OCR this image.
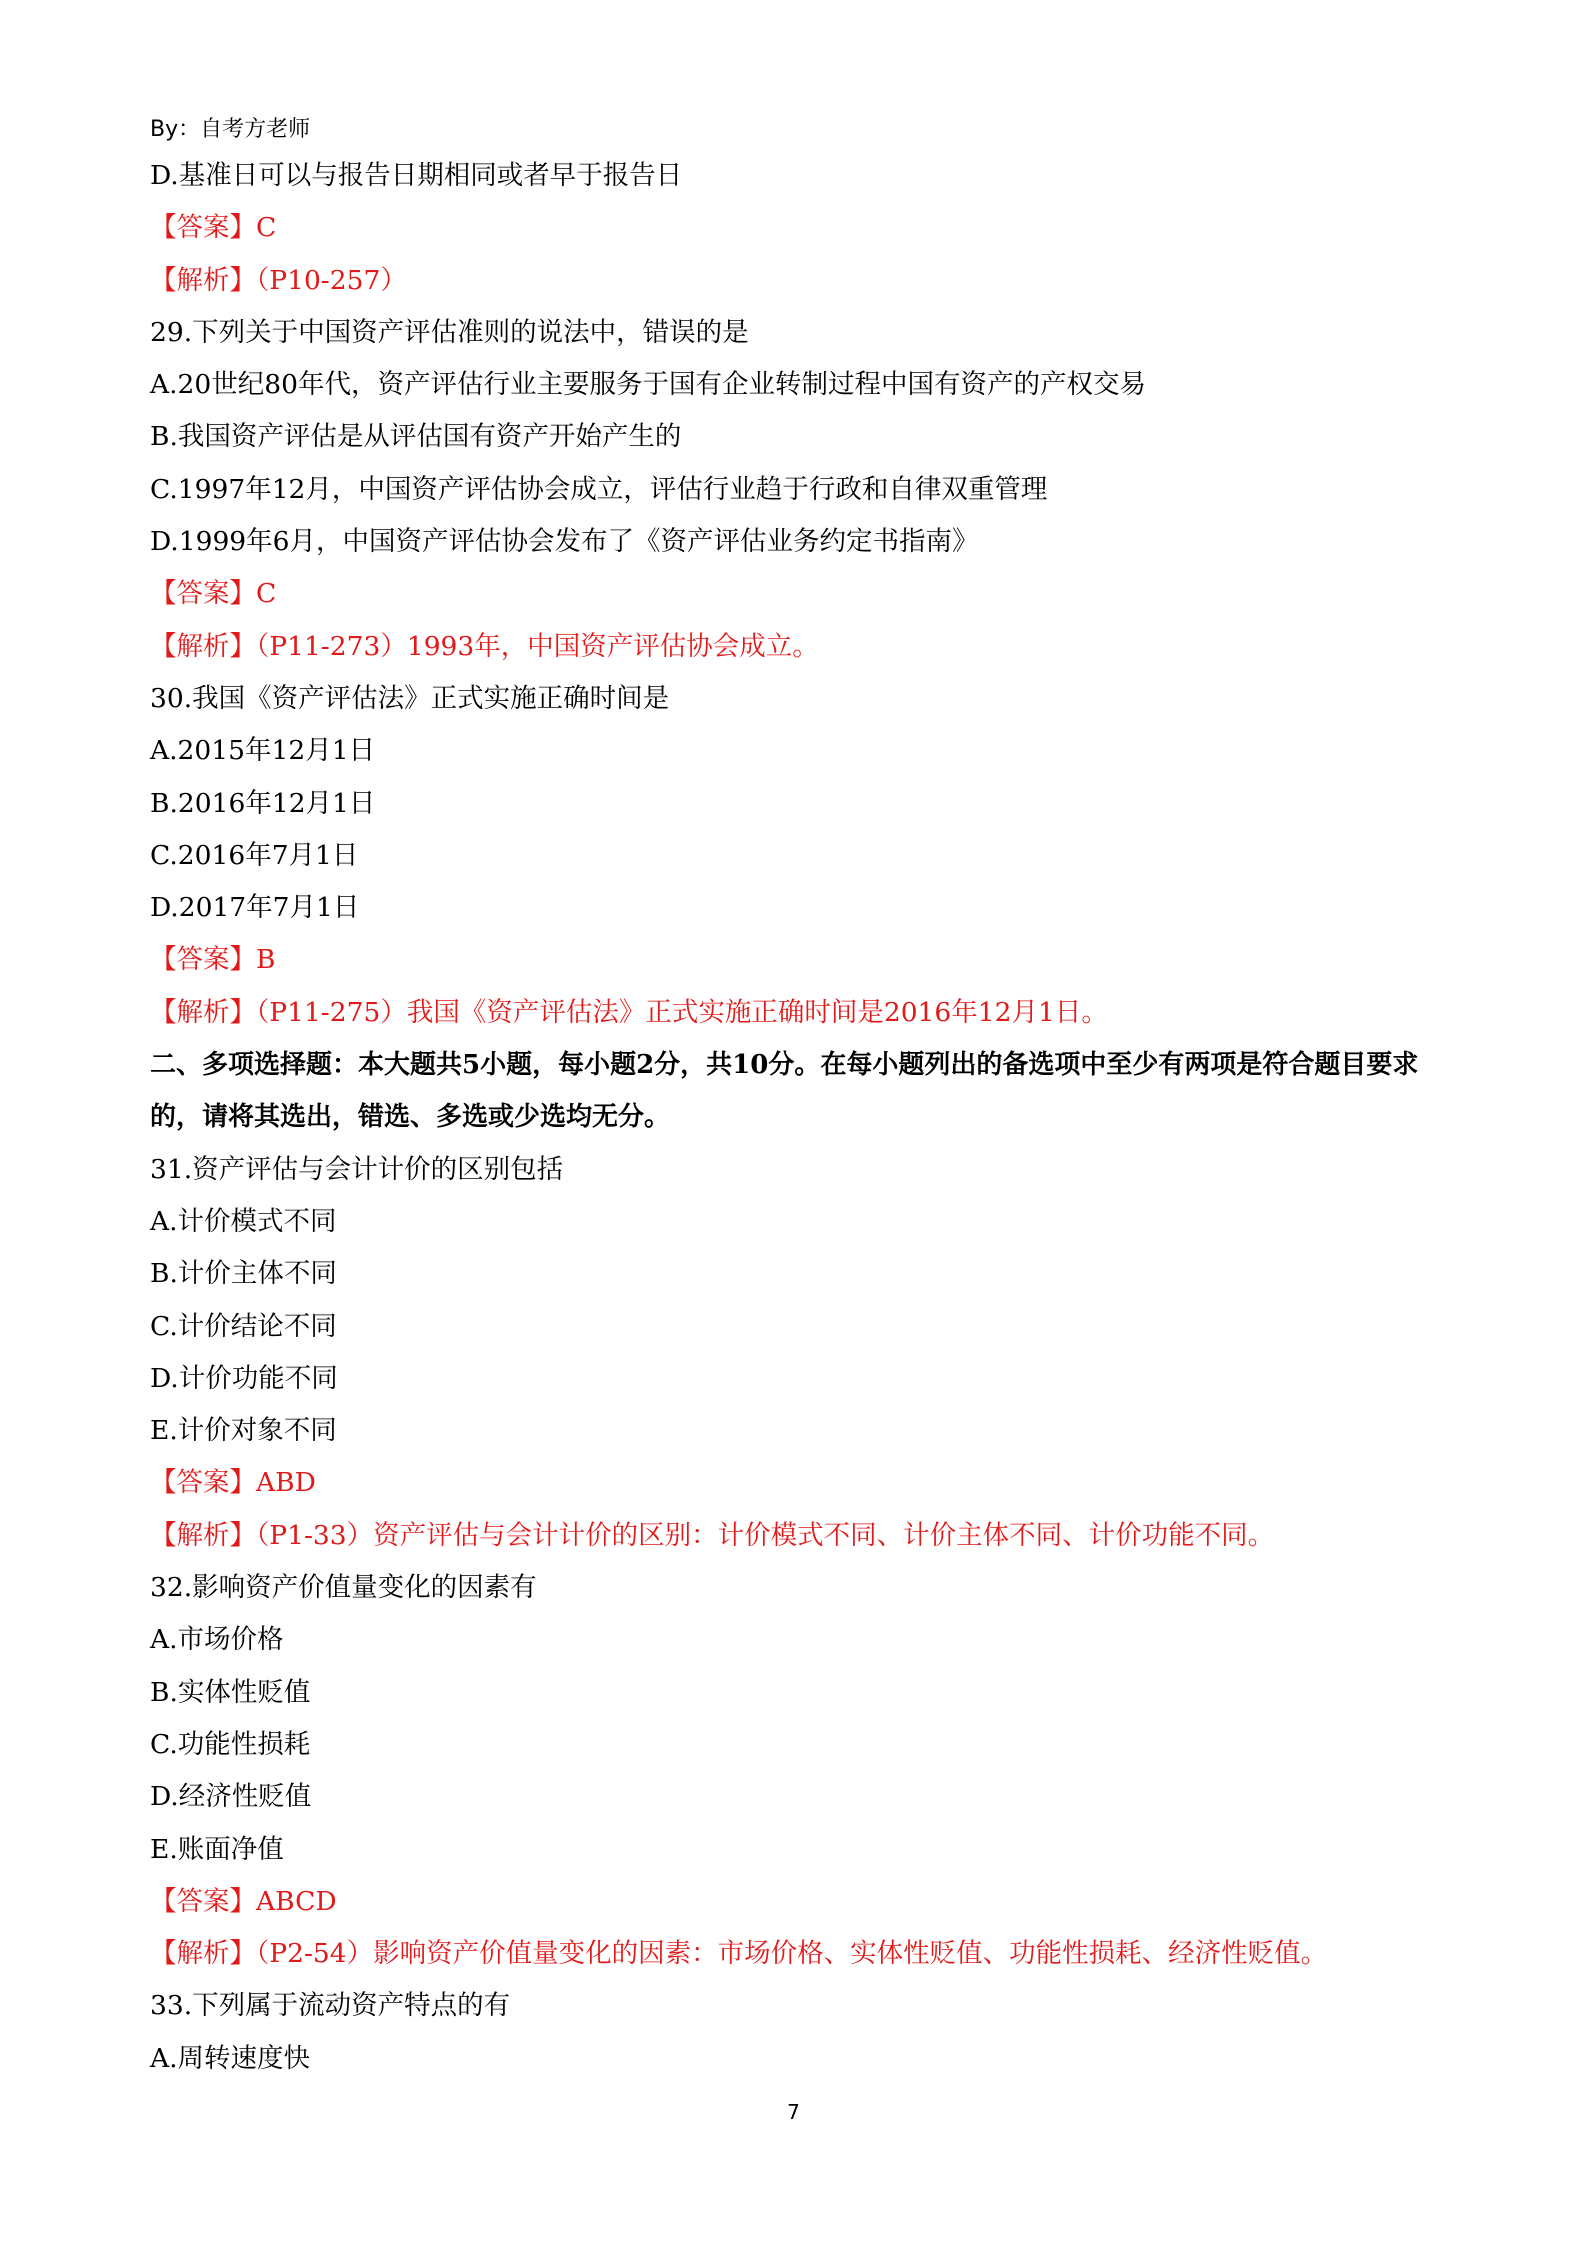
By：自考方老师
D.基准日可以与报告日期相同或者早于报告日
【答案】C
【解析】（P10-257）
29.下列关于中国资产评估准则的说法中，错误的是
A.20世纪80年代，资产评估行业主要服务于国有企业转制过程中国有资产的产权交易
B.我国资产评估是从评估国有资产开始产生的
C.1997年12月，中国资产评估协会成立，评估行业趋于行政和自律双重管理
D.1999年6月，中国资产评估协会发布了《资产评估业务约定书指南》
【答案】C
【解析】（P11-273）1993年，中国资产评估协会成立。
30.我国《资产评估法》正式实施正确时间是
A.2015年12月1日
B.2016年12月1日
C.2016年7月1日
D.2017年7月1日
【答案】B
【解析】（P11-275）我国《资产评估法》正式实施正确时间是2016年12月1日。
二、多项选择题：本大题共5小题，每小题2分，共10分。在每小题列出的备选项中至少有两项是符合题目要求的，请将其选出，错选、多选或少选均无分。
31.资产评估与会计计价的区别包括
A.计价模式不同
B.计价主体不同
C.计价结论不同
D.计价功能不同
E.计价对象不同
【答案】ABD
【解析】（P1-33）资产评估与会计计价的区别：计价模式不同、计价主体不同、计价功能不同。
32.影响资产价值量变化的因素有
A.市场价格
B.实体性贬值
C.功能性损耗
D.经济性贬值
E.账面净值
【答案】ABCD
【解析】（P2-54）影响资产价值量变化的因素：市场价格、实体性贬值、功能性损耗、经济性贬值。
33.下列属于流动资产特点的有
A.周转速度快
7
